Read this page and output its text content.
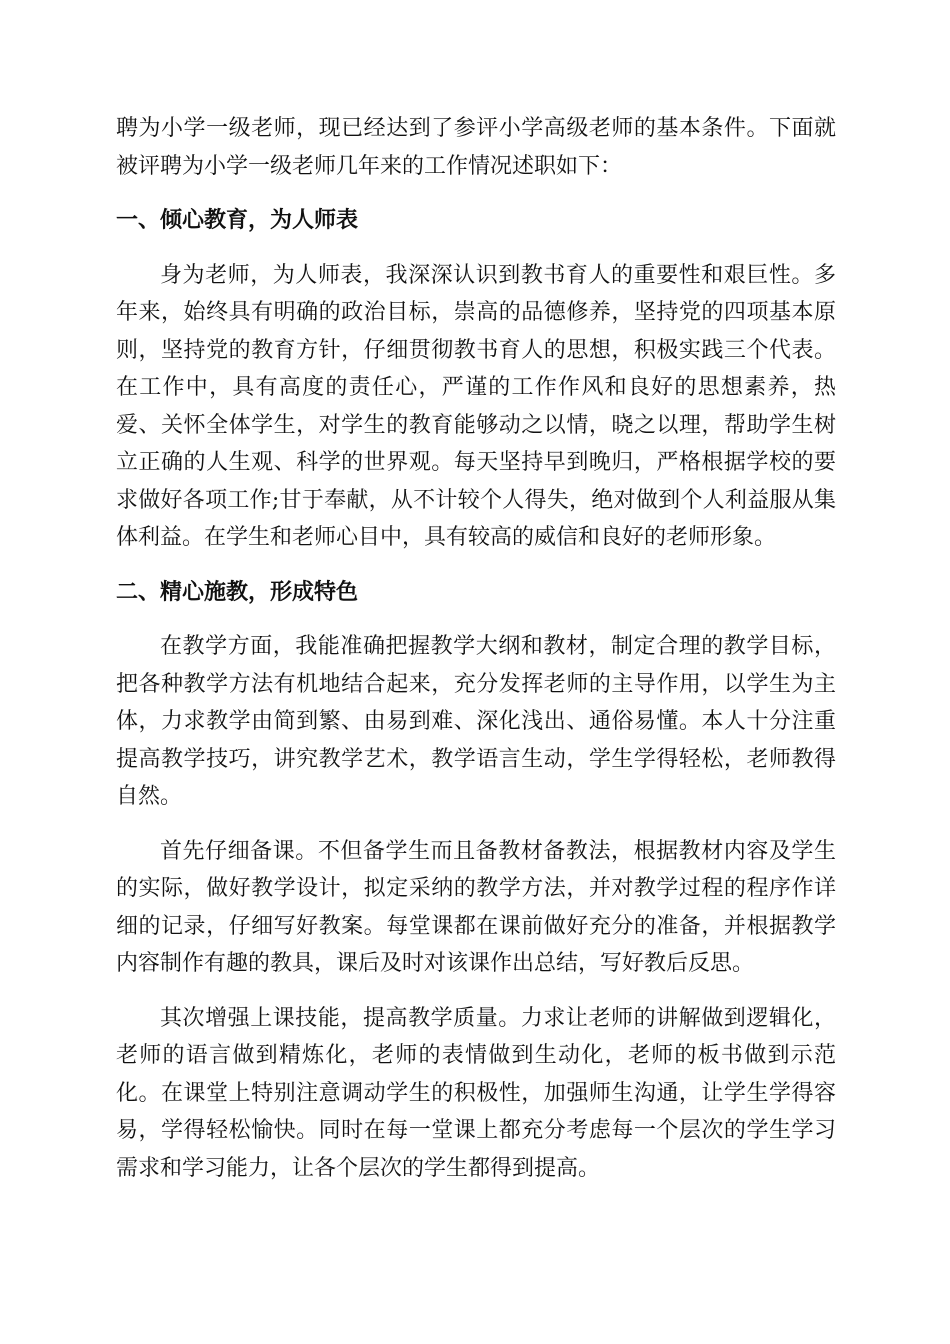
聘为小学一级老师，现已经达到了参评小学高级老师的基本条件。下面就被评聘为小学一级老师几年来的工作情况述职如下：

一、倾心教育，为人师表

身为老师，为人师表，我深深认识到教书育人的重要性和艰巨性。多年来，始终具有明确的政治目标，崇高的品德修养，坚持党的四项基本原则，坚持党的教育方针，仔细贯彻教书育人的思想，积极实践三个代表。在工作中，具有高度的责任心，严谨的工作作风和良好的思想素养，热爱、关怀全体学生，对学生的教育能够动之以情，晓之以理，帮助学生树立正确的人生观、科学的世界观。每天坚持早到晚归，严格根据学校的要求做好各项工作;甘于奉献，从不计较个人得失，绝对做到个人利益服从集体利益。在学生和老师心目中，具有较高的威信和良好的老师形象。

二、精心施教，形成特色

在教学方面，我能准确把握教学大纲和教材，制定合理的教学目标，把各种教学方法有机地结合起来，充分发挥老师的主导作用，以学生为主体，力求教学由简到繁、由易到难、深化浅出、通俗易懂。本人十分注重提高教学技巧，讲究教学艺术，教学语言生动，学生学得轻松，老师教得自然。

首先仔细备课。不但备学生而且备教材备教法，根据教材内容及学生的实际，做好教学设计，拟定采纳的教学方法，并对教学过程的程序作详细的记录，仔细写好教案。每堂课都在课前做好充分的准备，并根据教学内容制作有趣的教具，课后及时对该课作出总结，写好教后反思。

其次增强上课技能，提高教学质量。力求让老师的讲解做到逻辑化，老师的语言做到精炼化，老师的表情做到生动化，老师的板书做到示范化。在课堂上特别注意调动学生的积极性，加强师生沟通，让学生学得容易，学得轻松愉快。同时在每一堂课上都充分考虑每一个层次的学生学习需求和学习能力，让各个层次的学生都得到提高。
